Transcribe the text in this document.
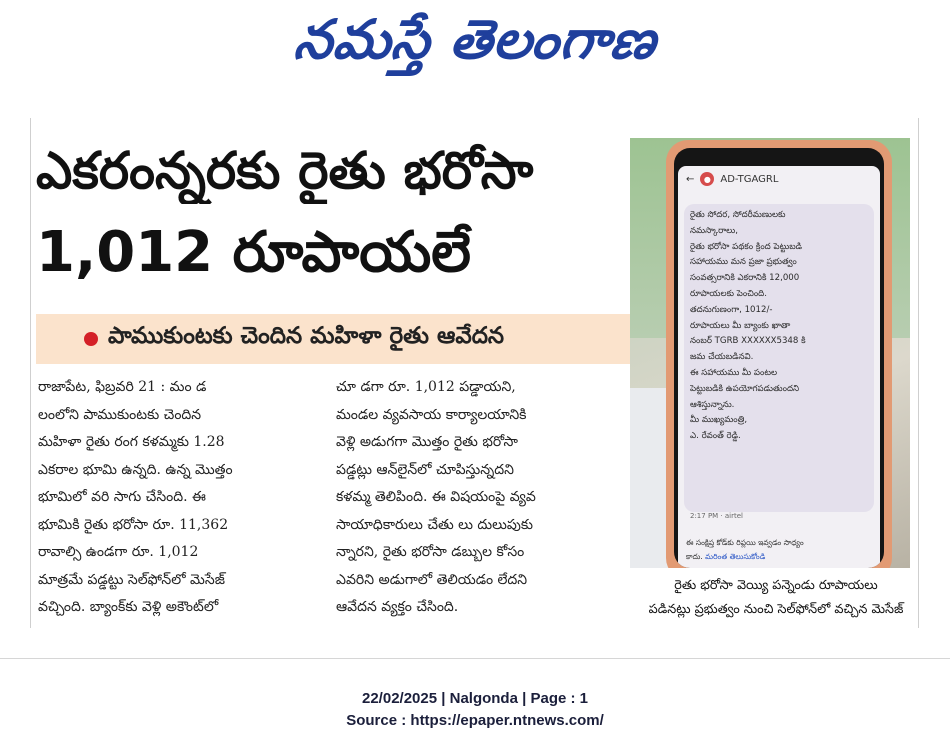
నమస్తే తెలంగాణ
ఎకరంన్నరకు రైతు భరోసా
1,012 రూపాయలే
పాముకుంటకు చెందిన మహిళా రైతు ఆవేదన
రాజాపేట, ఫిబ్రవరి 21 : మం డ
లంలోని పాముకుంటకు చెందిన
మహిళా రైతు రంగ కళమ్మకు 1.28
ఎకరాల భూమి ఉన్నది. ఉన్న మొత్తం
భూమిలో వరి సాగు చేసింది. ఈ
భూమికి రైతు భరోసా రూ. 11,362
రావాల్సి ఉండగా రూ. 1,012
మాత్రమే పడ్డట్టు సెల్‌ఫోన్‌లో మెసేజ్
వచ్చింది. బ్యాంక్‌కు వెళ్లి అకౌంట్‌లో
చూ డగా రూ. 1,012 పడ్డాయని,
మండల వ్యవసాయ కార్యాలయానికి
వెళ్లి అడుగగా మొత్తం రైతు భరోసా
పడ్డట్లు ఆన్‌లైన్‌లో చూపిస్తున్నదని
కళమ్మ తెలిపింది. ఈ విషయంపై వ్యవ
సాయాధికారులు చేతు లు దులుపుకు
న్నారని, రైతు భరోసా డబ్బుల కోసం
ఎవరిని అడుగాలో తెలియడం లేదని
ఆవేదన వ్యక్తం చేసింది.
←	● AD-TGAGRL
రైతు సోదర, సోదరీమణులకు
నమస్కారాలు,
రైతు భరోసా పథకం క్రింద పెట్టుబడి
సహాయము మన ప్రజా ప్రభుత్వం
సంవత్సరానికి ఎకరానికి 12,000
రూపాయలకు పెంచింది.
తదనుగుణంగా, 1012/-
రూపాయలు మీ బ్యాంకు ఖాతా
నంబర్ TGRB XXXXXX5348 కి
జమ చేయబడినవి.
ఈ సహాయము మీ పంటల
పెట్టుబడికి ఉపయోగపడుతుందని
ఆశిస్తున్నాను.
మీ ముఖ్యమంత్రి,
ఎ. రేవంత్ రెడ్డి.
2:17 PM · airtel
ఈ సంక్షిప్త కోడ్‌కు రిప్లయి ఇవ్వడం సాధ్యం
కాదు. మరింత తెలుసుకోండి
రైతు భరోసా వెయ్యి పన్నెండు రూపాయలు
పడినట్లు ప్రభుత్వం నుంచి సెల్‌ఫోన్‌లో వచ్చిన మెసేజ్
22/02/2025 | Nalgonda | Page : 1
Source : https://epaper.ntnews.com/
